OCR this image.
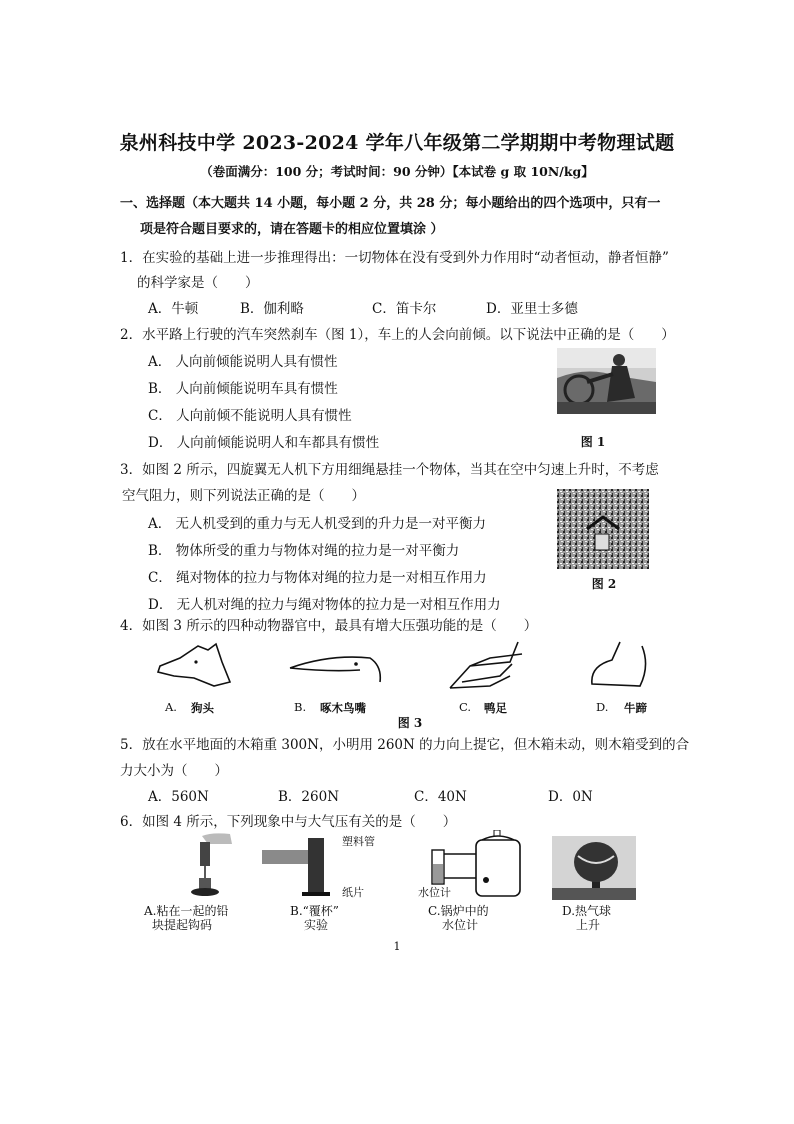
泉州科技中学 2023-2024 学年八年级第二学期期中考物理试题
（卷面满分：100 分；考试时间：90 分钟）【本试卷 g 取 10N/kg】
一、选择题（本大题共 14 小题，每小题 2 分，共 28 分；每小题给出的四个选项中，只有一
项是符合题目要求的，请在答题卡的相应位置填涂 ）
1．在实验的基础上进一步推理得出：一切物体在没有受到外力作用时“动者恒动，静者恒静”
的科学家是（　　）
A．牛顿	B．伽利略	C．笛卡尔	D．亚里士多德
2．水平路上行驶的汽车突然刹车（图 1），车上的人会向前倾。以下说法中正确的是（　　）
A． 人向前倾能说明人具有惯性
B． 人向前倾能说明车具有惯性
C． 人向前倾不能说明人具有惯性
D． 人向前倾能说明人和车都具有惯性	图 1
3．如图 2 所示，四旋翼无人机下方用细绳悬挂一个物体，当其在空中匀速上升时，不考虑
空气阻力，则下列说法正确的是（　　）
A． 无人机受到的重力与无人机受到的升力是一对平衡力
B． 物体所受的重力与物体对绳的拉力是一对平衡力
C． 绳对物体的拉力与物体对绳的拉力是一对相互作用力
D． 无人机对绳的拉力与绳对物体的拉力是一对相互作用力
图 2
4．如图 3 所示的四种动物器官中，最具有增大压强功能的是（　　）
A. 狗头	B. 啄木鸟嘴	C. 鸭足	D. 牛蹄
图 3
5．放在水平地面的木箱重 300N，小明用 260N 的力向上提它，但木箱未动，则木箱受到的合
力大小为（　　）
A．560N	B．260N	C．40N	D．0N
6．如图 4 所示，下列现象中与大气压有关的是（　　）
塑料管
纸片	水位计
A.粘在一起的铅
块提起钩码
B.“覆杯”
实验
C.锅炉中的
水位计
D.热气球
上升
1
